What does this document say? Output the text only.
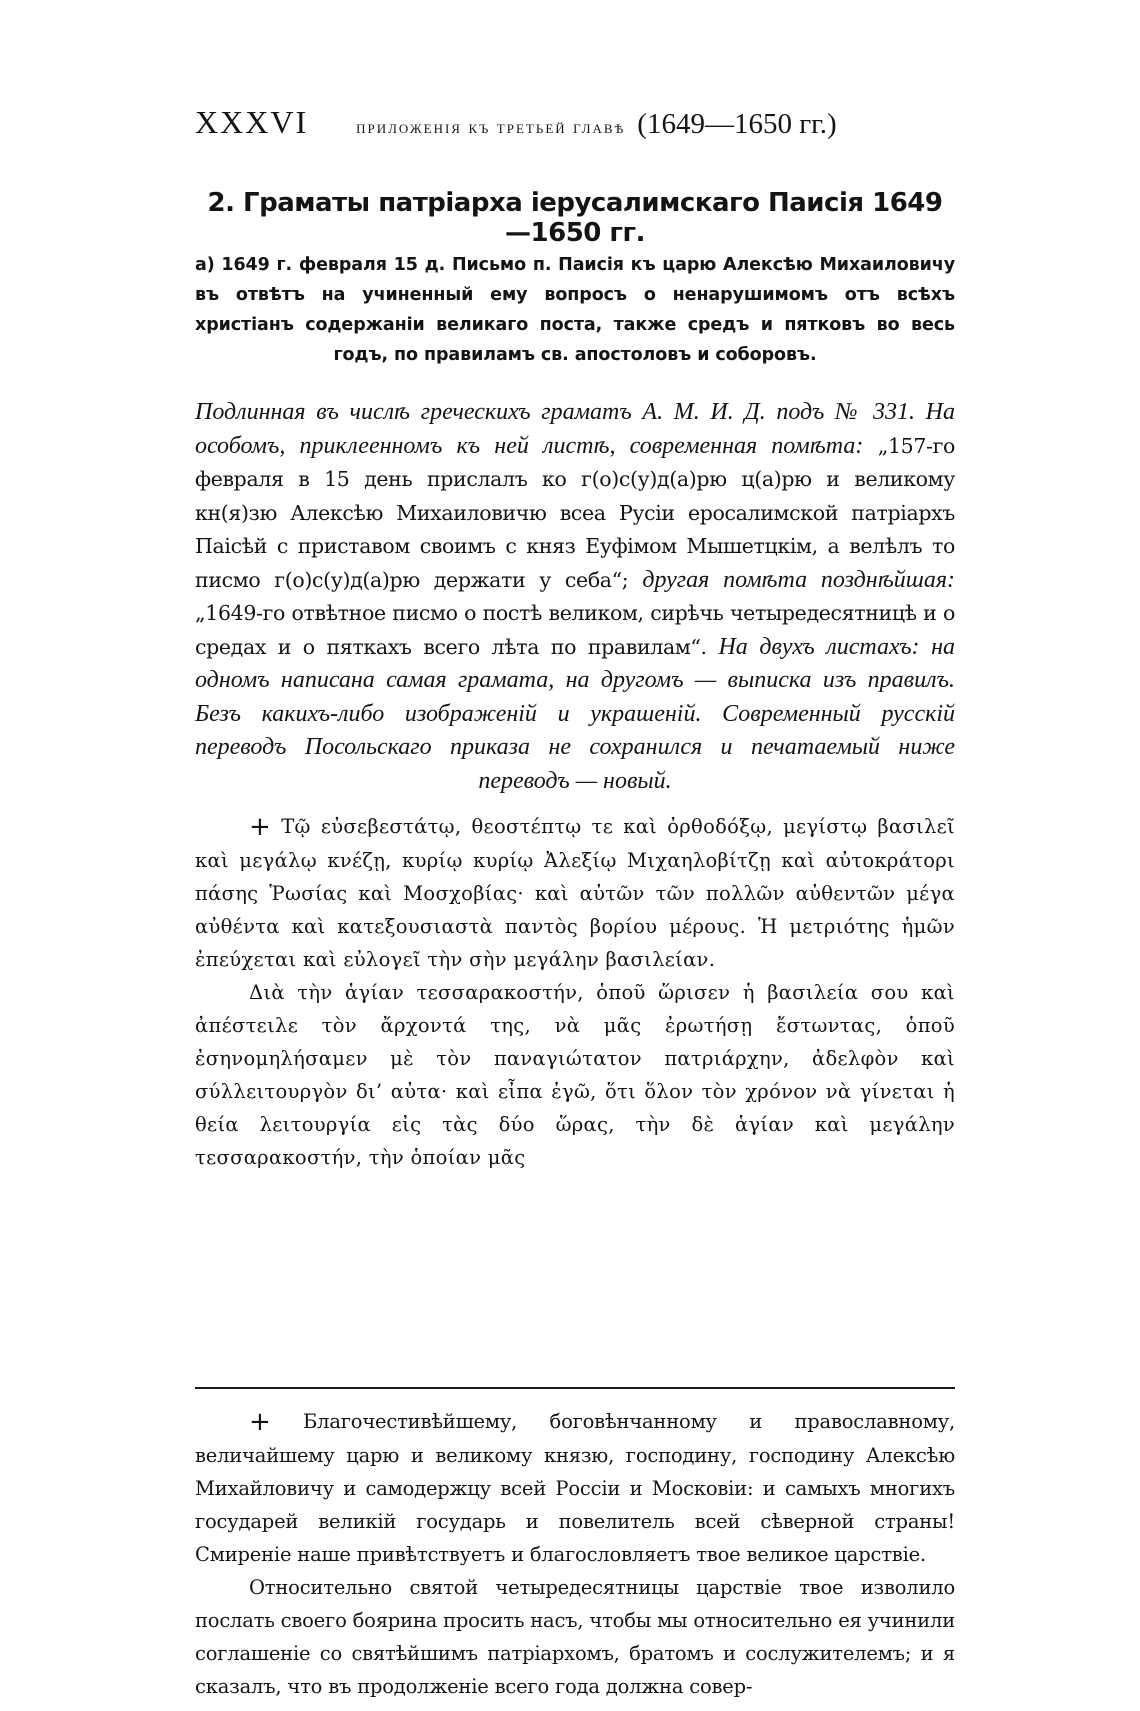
XXXVI	приложенія къ третьей главѣ (1649—1650 гг.)
2. Граматы патріарха іерусалимскаго Паисія 1649—1650 гг.
а) 1649 г. февраля 15 д. Письмо п. Паисія къ царю Алексѣю Михаиловичу въ отвѣтъ на учиненный ему вопросъ о ненарушимомъ отъ всѣхъ христіанъ содержаніи великаго поста, также средъ и пятковъ во весь годъ, по правиламъ св. апостоловъ и соборовъ.
Подлинная въ числѣ греческихъ граматъ А. М. И. Д. подъ № 331. На особомъ, приклеенномъ къ ней листѣ, современная помѣта: „157-го февраля в 15 день прислалъ ко г(о)с(у)д(а)рю ц(а)рю и великому кн(я)зю Алексѣю Михаиловичю всеа Русіи еросалимской патріархъ Паісѣй с приставом своимъ с княз Еуфімом Мышетцкім, а велѣлъ то писмо г(о)с(у)д(а)рю держати у себа“; другая помѣта позднѣйшая: „1649-го отвѣтное писмо о постѣ великом, сирѣчь четыредесятницѣ и о средах и о пяткахъ всего лѣта по правилам“. На двухъ листахъ: на одномъ написана самая грамата, на другомъ — выписка изъ правилъ. Безъ какихъ-либо изображеній и украшеній. Современный русскій переводъ Посольскаго приказа не сохранился и печатаемый ниже переводъ — новый.

+ Τῷ εὐσεβεστάτῳ, θεοστέπτῳ τε καὶ ὀρθοδόξῳ, μεγίστῳ βασιλεῖ καὶ μεγάλῳ κνέζῃ, κυρίῳ κυρίῳ Ἀλεξίῳ Μιχαηλοβίτζῃ καὶ αὐτοκράτορι πάσης Ῥωσίας καὶ Μοσχοβίας· καὶ αὐτῶν τῶν πολλῶν αὐθεντῶν μέγα αὐθέντα καὶ κατεξουσιαστὰ παντὸς βορίου μέρους. Ἡ μετριότης ἡμῶν ἐπεύχεται καὶ εὐλογεῖ τὴν σὴν μεγάλην βασιλείαν.

Διὰ τὴν ἁγίαν τεσσαρακοστήν, ὁποῦ ὥρισεν ἡ βασιλεία σου καὶ ἀπέστειλε τὸν ἄρχοντά της, νὰ μᾶς ἐρωτήσῃ ἔστωντας, ὁποῦ ἐσηνομηλήσαμεν μὲ τὸν παναγιώτατον πατριάρχην, ἀδελφὸν καὶ σύλλειτουργὸν δι’ αὐτα· καὶ εἶπα ἐγῶ, ὅτι ὅλον τὸν χρόνον νὰ γίνεται ἡ θεία λειτουργία εἰς τὰς δύο ὥρας, τὴν δὲ ἁγίαν καὶ μεγάλην τεσσαρακοστήν, τὴν ὁποίαν μᾶς

+ Благочестивѣйшему, боговѣнчанному и православному, величайшему царю и великому князю, господину, господину Алексѣю Михайловичу и самодержцу всей Россіи и Московіи: и самыхъ многихъ государей великій государь и повелитель всей сѣверной страны! Смиреніе наше привѣтствуетъ и благословляетъ твое великое царствіе.

Относительно святой четыредесятницы царствіе твое изволило послать своего боярина просить насъ, чтобы мы относительно ея учинили соглашеніе со святѣйшимъ патріархомъ, братомъ и сослужителемъ; и я сказалъ, что въ продолженіе всего года должна совер-
